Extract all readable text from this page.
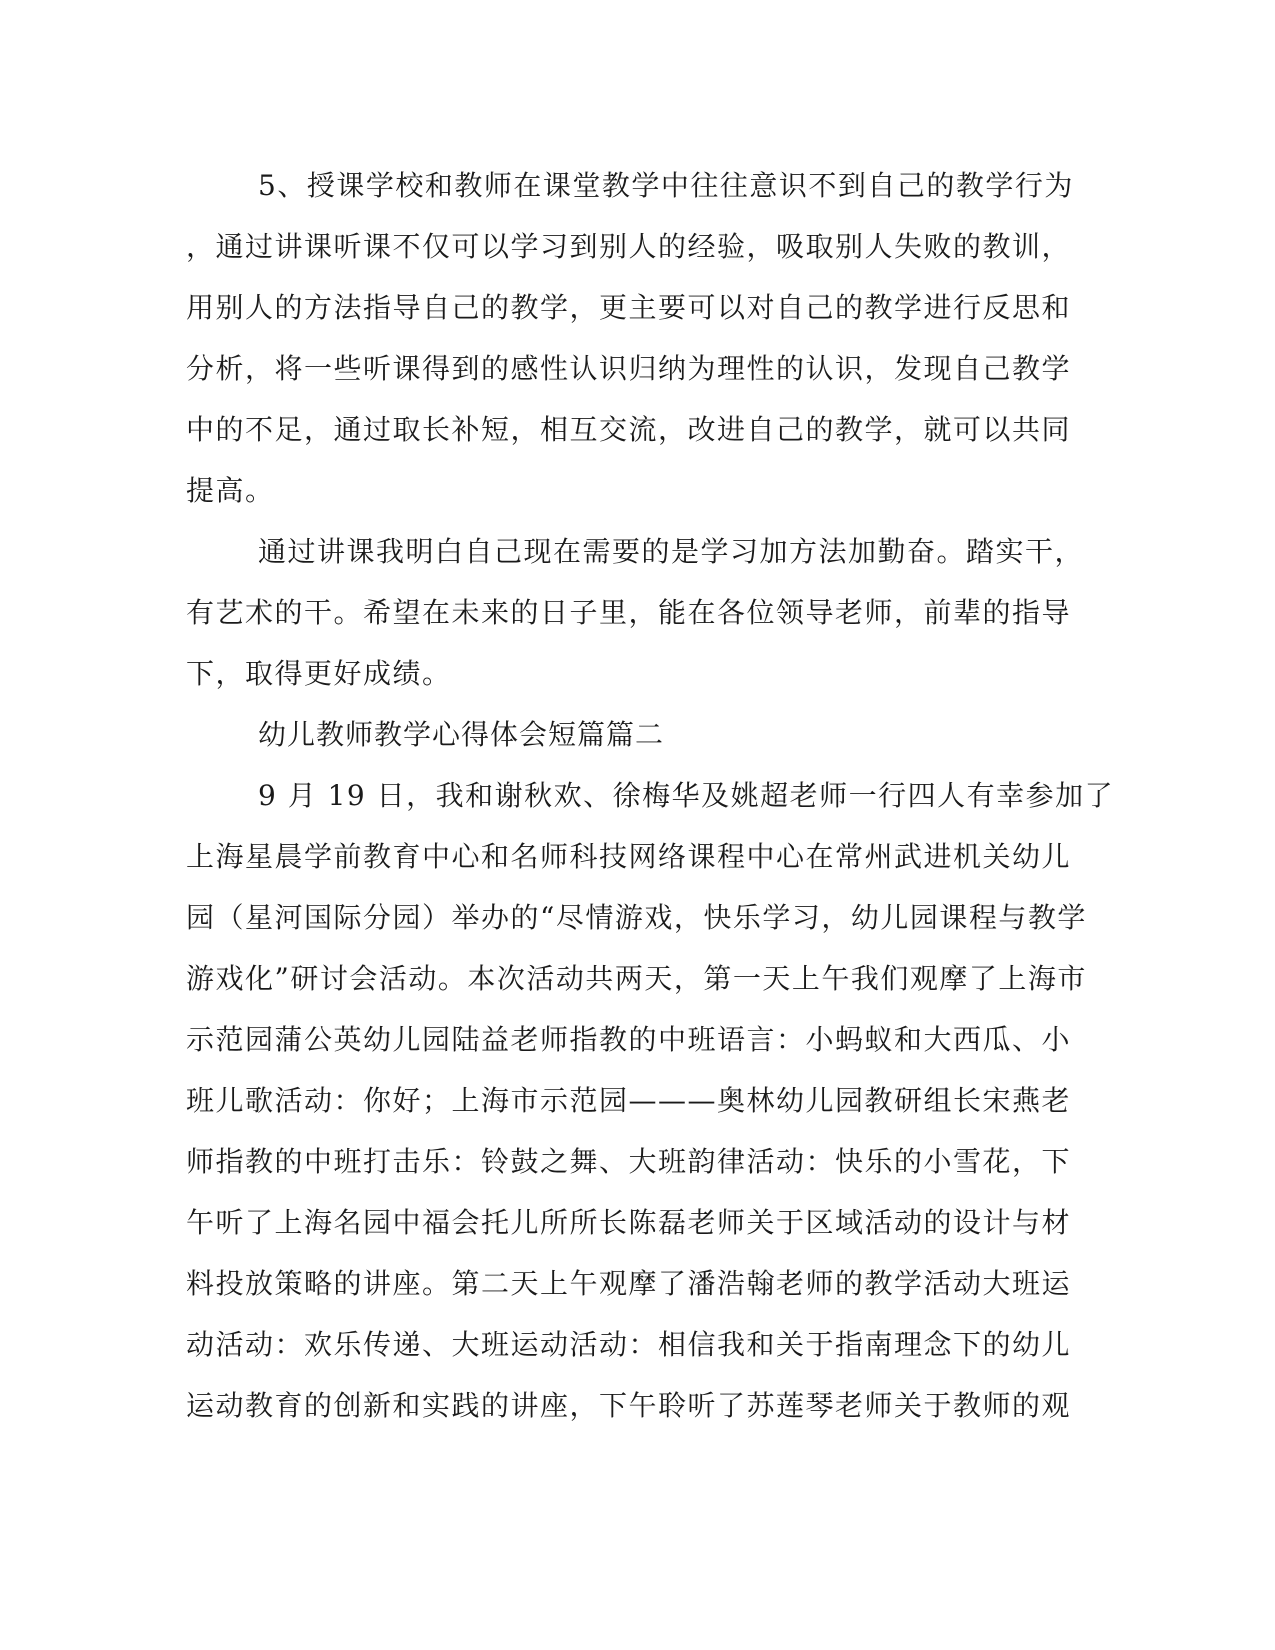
5、授课学校和教师在课堂教学中往往意识不到自己的教学行为
，通过讲课听课不仅可以学习到别人的经验，吸取别人失败的教训，
用别人的方法指导自己的教学，更主要可以对自己的教学进行反思和
分析，将一些听课得到的感性认识归纳为理性的认识，发现自己教学
中的不足，通过取长补短，相互交流，改进自己的教学，就可以共同
提高。
通过讲课我明白自己现在需要的是学习加方法加勤奋。踏实干，
有艺术的干。希望在未来的日子里，能在各位领导老师，前辈的指导
下，取得更好成绩。
幼儿教师教学心得体会短篇篇二
9 月 19 日，我和谢秋欢、徐梅华及姚超老师一行四人有幸参加了
上海星晨学前教育中心和名师科技网络课程中心在常州武进机关幼儿
园（星河国际分园）举办的“尽情游戏，快乐学习，幼儿园课程与教学
游戏化”研讨会活动。本次活动共两天，第一天上午我们观摩了上海市
示范园蒲公英幼儿园陆益老师指教的中班语言：小蚂蚁和大西瓜、小
班儿歌活动：你好；上海市示范园———奥林幼儿园教研组长宋燕老
师指教的中班打击乐：铃鼓之舞、大班韵律活动：快乐的小雪花，下
午听了上海名园中福会托儿所所长陈磊老师关于区域活动的设计与材
料投放策略的讲座。第二天上午观摩了潘浩翰老师的教学活动大班运
动活动：欢乐传递、大班运动活动：相信我和关于指南理念下的幼儿
运动教育的创新和实践的讲座，下午聆听了苏莲琴老师关于教师的观
